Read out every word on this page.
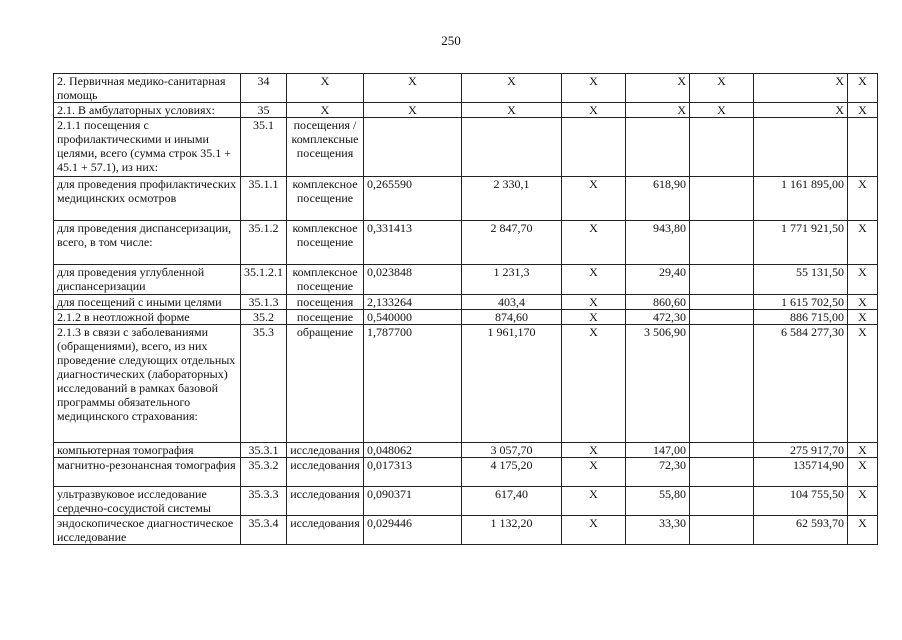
250
2. Первичная медико-санитарная помощь	34	Х	Х	Х	Х	Х	Х	Х	Х
2.1. В амбулаторных условиях:	35	Х	Х	Х	Х	Х	Х	Х	Х
2.1.1 посещения с профилактическими и иными целями, всего (сумма строк 35.1 + 45.1 + 57.1), из них:	35.1	посещения / комплексные посещения							
для проведения профилактических медицинских осмотров	35.1.1	комплексное посещение	0,265590	2 330,1	Х	618,90		1 161 895,00	Х
для проведения диспансеризации, всего, в том числе:	35.1.2	комплексное посещение	0,331413	2 847,70	Х	943,80		1 771 921,50	Х
для проведения углубленной диспансеризации	35.1.2.1	комплексное посещение	0,023848	1 231,3	Х	29,40		55 131,50	Х
для посещений с иными целями	35.1.3	посещения	2,133264	403,4	Х	860,60		1 615 702,50	Х
2.1.2 в неотложной форме	35.2	посещение	0,540000	874,60	Х	472,30		886 715,00	Х
2.1.3 в связи с заболеваниями (обращениями), всего, из них проведение следующих отдельных диагностических (лабораторных) исследований в рамках базовой программы обязательного медицинского страхования:	35.3	обращение	1,787700	1 961,170	Х	3 506,90		6 584 277,30	Х
компьютерная томография	35.3.1	исследования	0,048062	3 057,70	Х	147,00		275 917,70	Х
магнитно-резонансная томография	35.3.2	исследования	0,017313	4 175,20	Х	72,30		135714,90	Х
ультразвуковое исследование сердечно-сосудистой системы	35.3.3	исследования	0,090371	617,40	Х	55,80		104 755,50	Х
эндоскопическое диагностическое исследование	35.3.4	исследования	0,029446	1 132,20	Х	33,30		62 593,70	Х
